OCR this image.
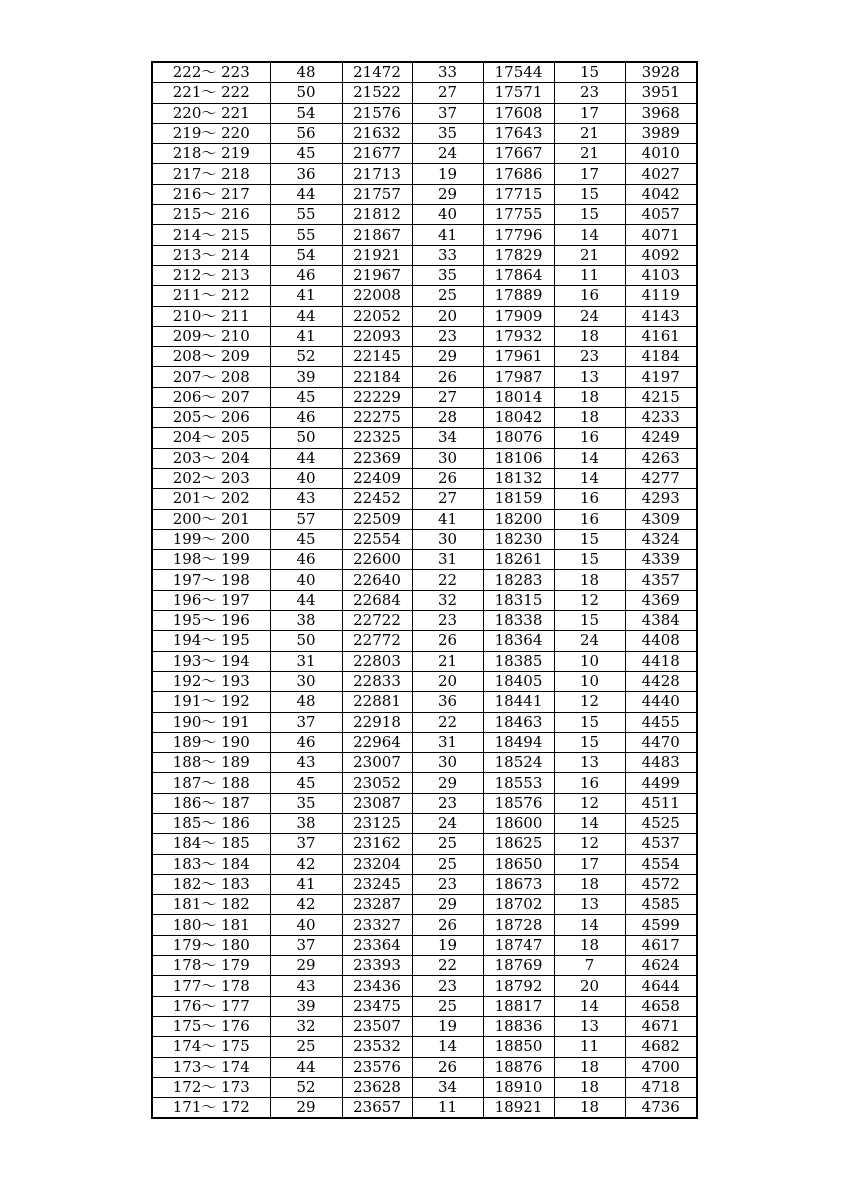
222～ 223	48	21472	33	17544	15	3928
221～ 222	50	21522	27	17571	23	3951
220～ 221	54	21576	37	17608	17	3968
219～ 220	56	21632	35	17643	21	3989
218～ 219	45	21677	24	17667	21	4010
217～ 218	36	21713	19	17686	17	4027
216～ 217	44	21757	29	17715	15	4042
215～ 216	55	21812	40	17755	15	4057
214～ 215	55	21867	41	17796	14	4071
213～ 214	54	21921	33	17829	21	4092
212～ 213	46	21967	35	17864	11	4103
211～ 212	41	22008	25	17889	16	4119
210～ 211	44	22052	20	17909	24	4143
209～ 210	41	22093	23	17932	18	4161
208～ 209	52	22145	29	17961	23	4184
207～ 208	39	22184	26	17987	13	4197
206～ 207	45	22229	27	18014	18	4215
205～ 206	46	22275	28	18042	18	4233
204～ 205	50	22325	34	18076	16	4249
203～ 204	44	22369	30	18106	14	4263
202～ 203	40	22409	26	18132	14	4277
201～ 202	43	22452	27	18159	16	4293
200～ 201	57	22509	41	18200	16	4309
199～ 200	45	22554	30	18230	15	4324
198～ 199	46	22600	31	18261	15	4339
197～ 198	40	22640	22	18283	18	4357
196～ 197	44	22684	32	18315	12	4369
195～ 196	38	22722	23	18338	15	4384
194～ 195	50	22772	26	18364	24	4408
193～ 194	31	22803	21	18385	10	4418
192～ 193	30	22833	20	18405	10	4428
191～ 192	48	22881	36	18441	12	4440
190～ 191	37	22918	22	18463	15	4455
189～ 190	46	22964	31	18494	15	4470
188～ 189	43	23007	30	18524	13	4483
187～ 188	45	23052	29	18553	16	4499
186～ 187	35	23087	23	18576	12	4511
185～ 186	38	23125	24	18600	14	4525
184～ 185	37	23162	25	18625	12	4537
183～ 184	42	23204	25	18650	17	4554
182～ 183	41	23245	23	18673	18	4572
181～ 182	42	23287	29	18702	13	4585
180～ 181	40	23327	26	18728	14	4599
179～ 180	37	23364	19	18747	18	4617
178～ 179	29	23393	22	18769	7	4624
177～ 178	43	23436	23	18792	20	4644
176～ 177	39	23475	25	18817	14	4658
175～ 176	32	23507	19	18836	13	4671
174～ 175	25	23532	14	18850	11	4682
173～ 174	44	23576	26	18876	18	4700
172～ 173	52	23628	34	18910	18	4718
171～ 172	29	23657	11	18921	18	4736
